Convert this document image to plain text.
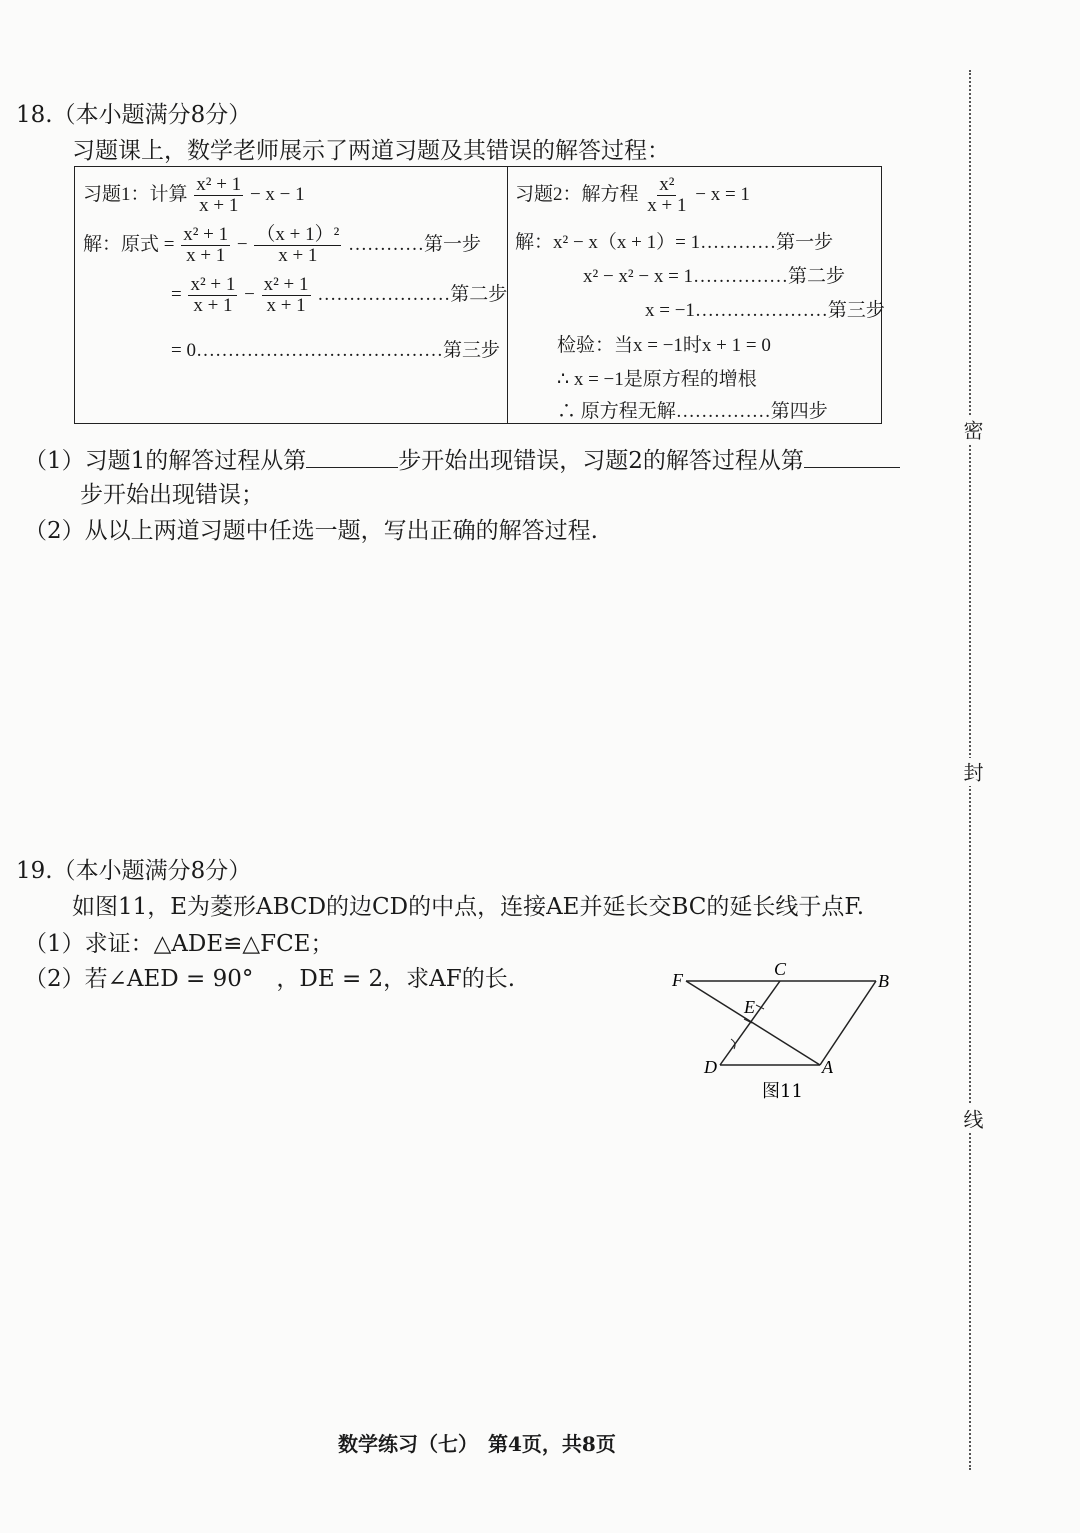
18.（本小题满分8分）
习题课上，数学老师展示了两道习题及其错误的解答过程：
习题1：计算 $\frac{\text{x² + 1}}{x + 1} - x - 1$
解：原式 = $\frac{\text{x² + 1}}{x + 1} - \frac{\text{（x + 1）²}}{x + 1}$ …………第一步
= $\frac{\text{x² + 1}}{x + 1} - \frac{\text{x² + 1}}{x + 1}$ …………………第二步
= 0…………………………………第三步
习题2：解方程 $\frac{\text{x²}}{x + 1} - x = 1$
解：x² − x（x + 1）= 1…………第一步
x² − x² − x = 1……………第二步
x = −1…………………第三步
检验：当x = −1时x + 1 = 0
∴ x = −1是原方程的增根
∴ 原方程无解……………第四步
（1）习题1的解答过程从第	步开始出现错误，习题2的解答过程从第
步开始出现错误；
（2）从以上两道习题中任选一题，写出正确的解答过程.
19.（本小题满分8分）
如图11，E为菱形ABCD的边CD的中点，连接AE并延长交BC的延长线于点F.
（1）求证：△ADE≌△FCE；
（2）若∠AED = 90°　，DE = 2，求AF的长.	F
C
B
E
D	A
图11
密
封
线
数学练习（七）　第4页，共8页
